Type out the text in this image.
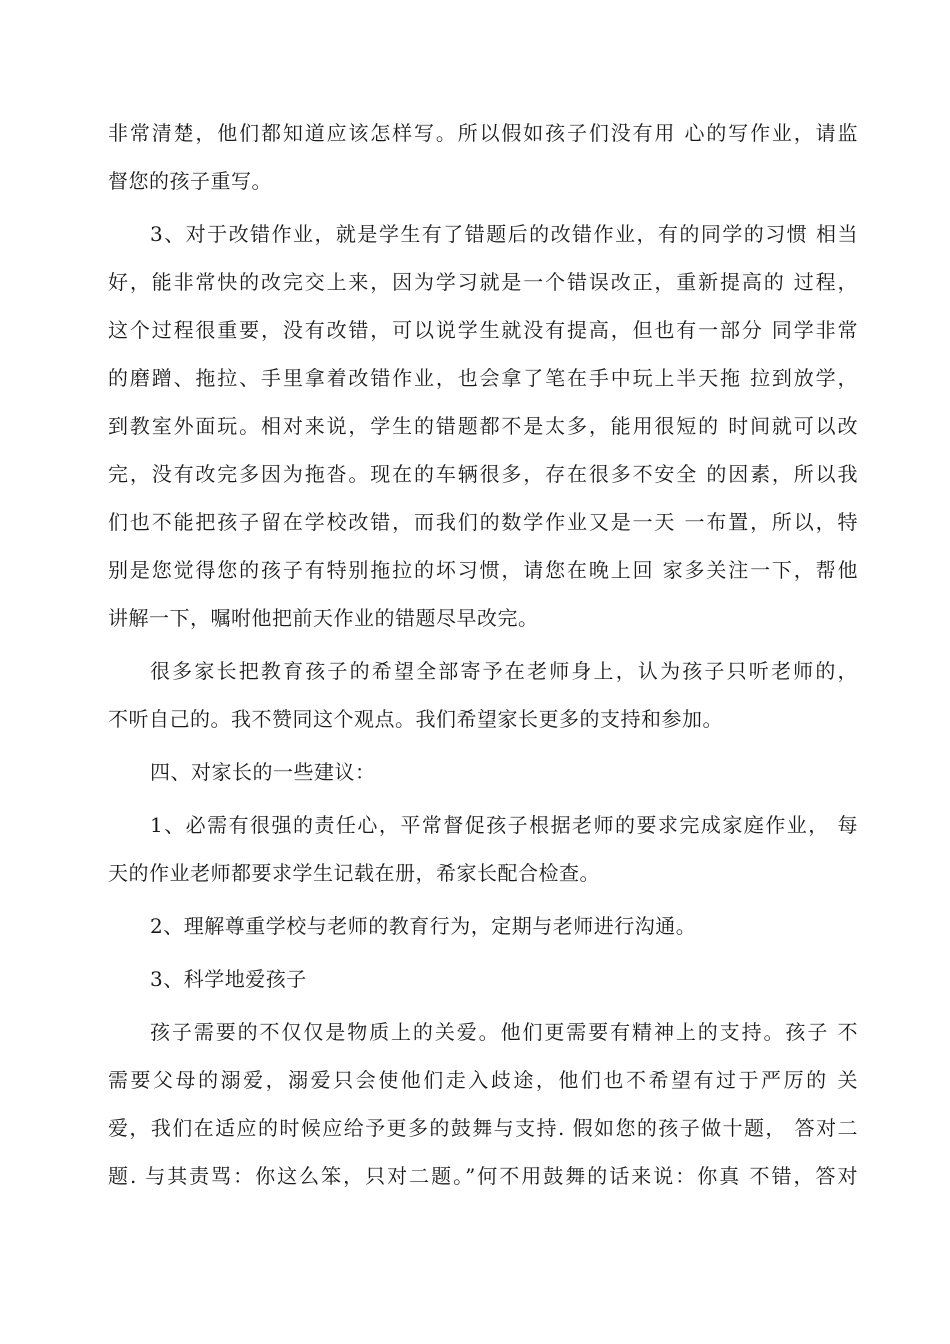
非常清楚，他们都知道应该怎样写。所以假如孩子们没有用 心的写作业，请监
督您的孩子重写。
3、对于改错作业，就是学生有了错题后的改错作业，有的同学的习惯 相当
好，能非常快的改完交上来，因为学习就是一个错误改正，重新提高的 过程，
这个过程很重要，没有改错，可以说学生就没有提高，但也有一部分 同学非常
的磨蹭、拖拉、手里拿着改错作业，也会拿了笔在手中玩上半天拖 拉到放学，
到教室外面玩。相对来说，学生的错题都不是太多，能用很短的 时间就可以改
完，没有改完多因为拖沓。现在的车辆很多，存在很多不安全 的因素，所以我
们也不能把孩子留在学校改错，而我们的数学作业又是一天 一布置，所以，特
别是您觉得您的孩子有特别拖拉的坏习惯，请您在晚上回 家多关注一下，帮他
讲解一下，嘱咐他把前天作业的错题尽早改完。
很多家长把教育孩子的希望全部寄予在老师身上，认为孩子只听老师的，
不听自己的。我不赞同这个观点。我们希望家长更多的支持和参加。
四、对家长的一些建议：
1、必需有很强的责任心，平常督促孩子根据老师的要求完成家庭作业， 每
天的作业老师都要求学生记载在册，希家长配合检查。
2、理解尊重学校与老师的教育行为，定期与老师进行沟通。
3、科学地爱孩子
孩子需要的不仅仅是物质上的关爱。他们更需要有精神上的支持。孩子 不
需要父母的溺爱，溺爱只会使他们走入歧途，他们也不希望有过于严厉的 关
爱，我们在适应的时候应给予更多的鼓舞与支持. 假如您的孩子做十题， 答对二
题. 与其责骂：你这么笨，只对二题。”何不用鼓舞的话来说：你真 不错，答对
